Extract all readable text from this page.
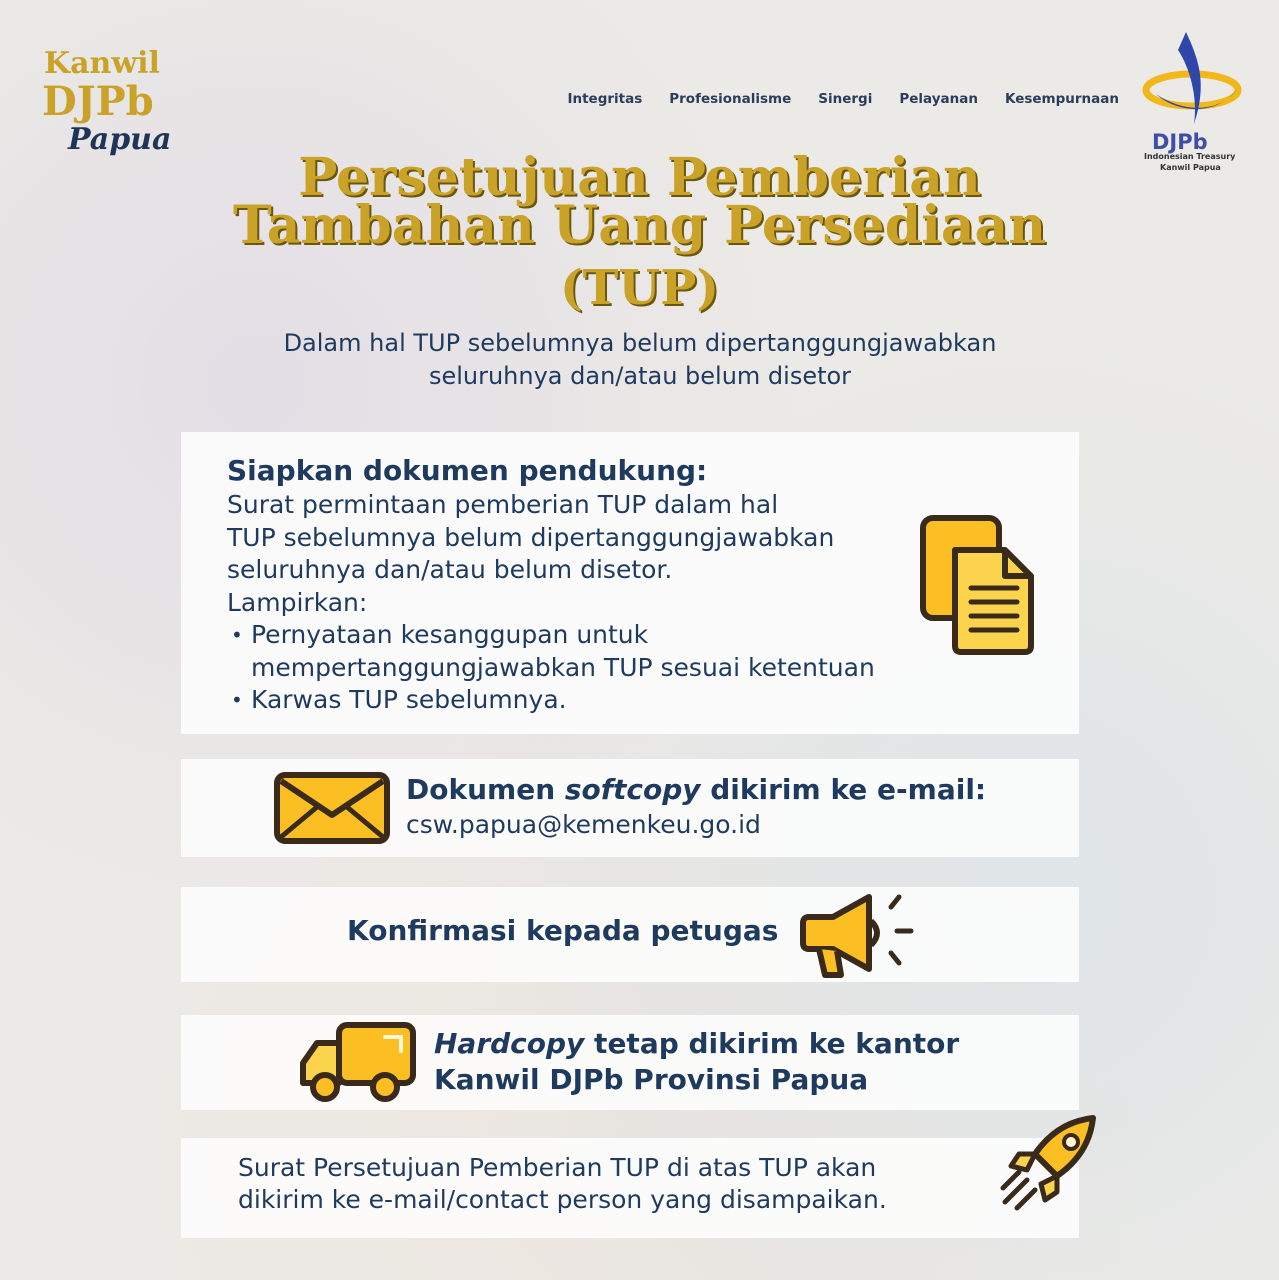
Kanwil
DJPb
Papua
Integritas Profesionalisme Sinergi Pelayanan Kesempurnaan
DJPb
Indonesian Treasury
Kanwil Papua
Persetujuan Pemberian
Tambahan Uang Persediaan
(TUP)
Dalam hal TUP sebelumnya belum dipertanggungjawabkan
seluruhnya dan/atau belum disetor
Siapkan dokumen pendukung:
Surat permintaan pemberian TUP dalam hal
TUP sebelumnya belum dipertanggungjawabkan
seluruhnya dan/atau belum disetor.
Lampirkan:
• Pernyataan kesanggupan untuk
mempertanggungjawabkan TUP sesuai ketentuan
• Karwas TUP sebelumnya.
Dokumen softcopy dikirim ke e-mail:
csw.papua@kemenkeu.go.id
Konfirmasi kepada petugas
Hardcopy tetap dikirim ke kantor
Kanwil DJPb Provinsi Papua
Surat Persetujuan Pemberian TUP di atas TUP akan
dikirim ke e-mail/contact person yang disampaikan.
